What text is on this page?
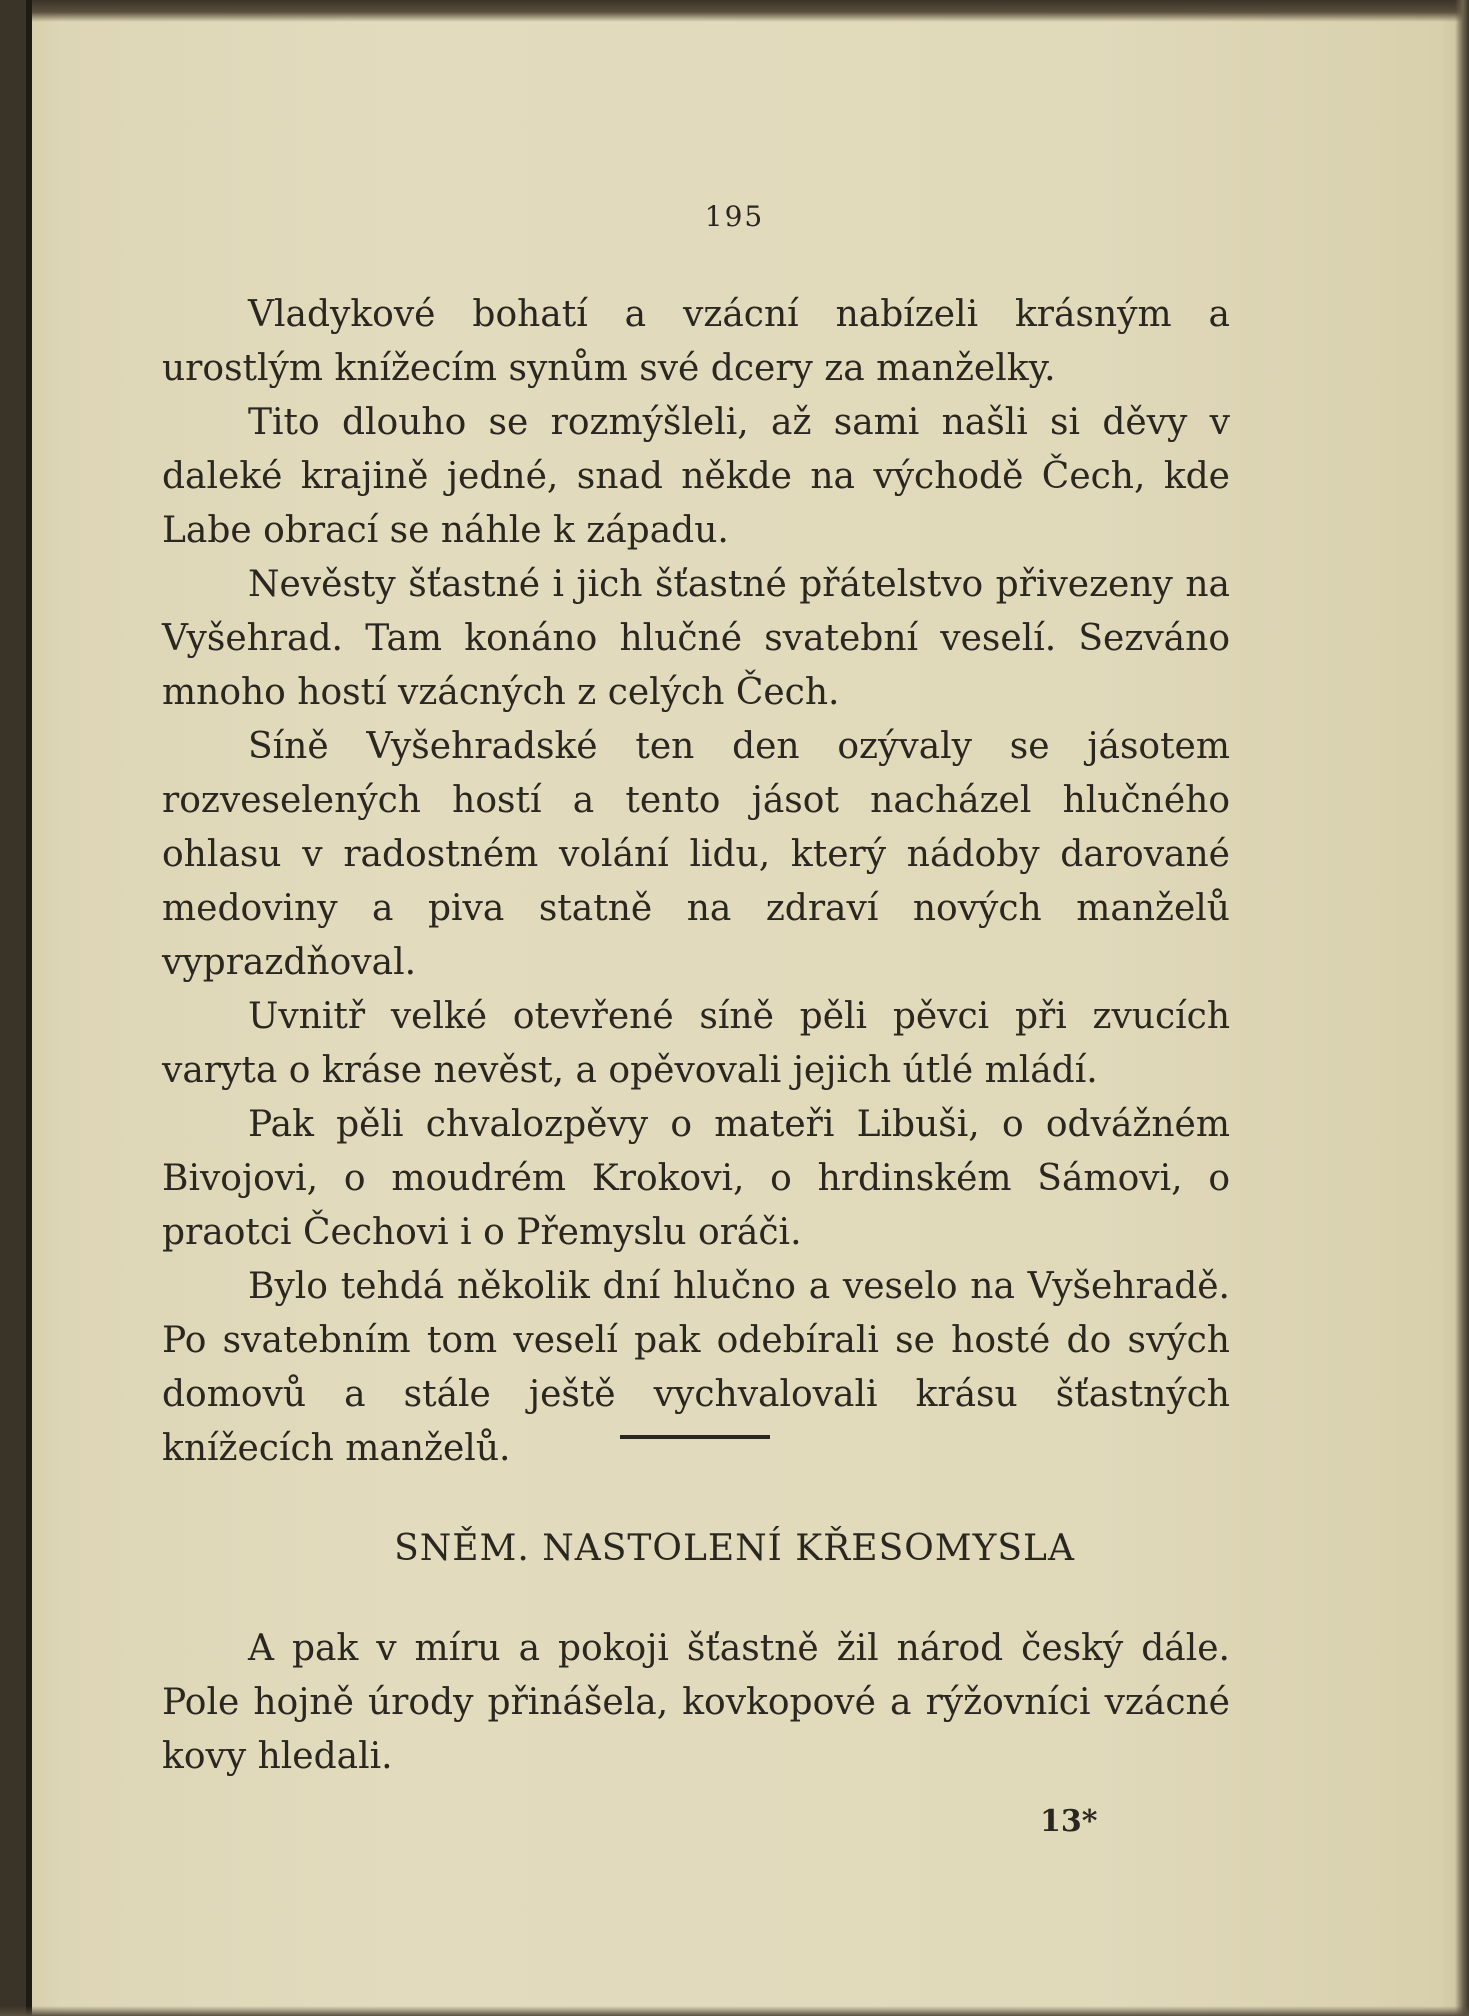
195

Vladykové bohatí a vzácní nabízeli krásným a urostlým knížecím synům své dcery za manželky.

Tito dlouho se rozmýšleli, až sami našli si děvy v daleké krajině jedné, snad někde na východě Čech, kde Labe obrací se náhle k západu.

Nevěsty šťastné i jich šťastné přátelstvo přivezeny na Vyšehrad. Tam konáno hlučné svatební veselí. Sezváno mnoho hostí vzácných z celých Čech.

Síně Vyšehradské ten den ozývaly se jásotem rozveselených hostí a tento jásot nacházel hlučného ohlasu v radostném volání lidu, který nádoby darované medoviny a piva statně na zdraví nových manželů vyprazdňoval.

Uvnitř velké otevřené síně pěli pěvci při zvucích varyta o kráse nevěst, a opěvovali jejich útlé mládí.

Pak pěli chvalozpěvy o mateři Libuši, o odvážném Bivojovi, o moudrém Krokovi, o hrdinském Sámovi, o praotci Čechovi i o Přemyslu oráči.

Bylo tehdá několik dní hlučno a veselo na Vyšehradě. Po svatebním tom veselí pak odebírali se hosté do svých domovů a stále ještě vychvalovali krásu šťastných knížecích manželů.

SNĚM. NASTOLENÍ KŘESOMYSLA

A pak v míru a pokoji šťastně žil národ český dále. Pole hojně úrody přinášela, kovkopové a rýžovníci vzácné kovy hledali.

13*
